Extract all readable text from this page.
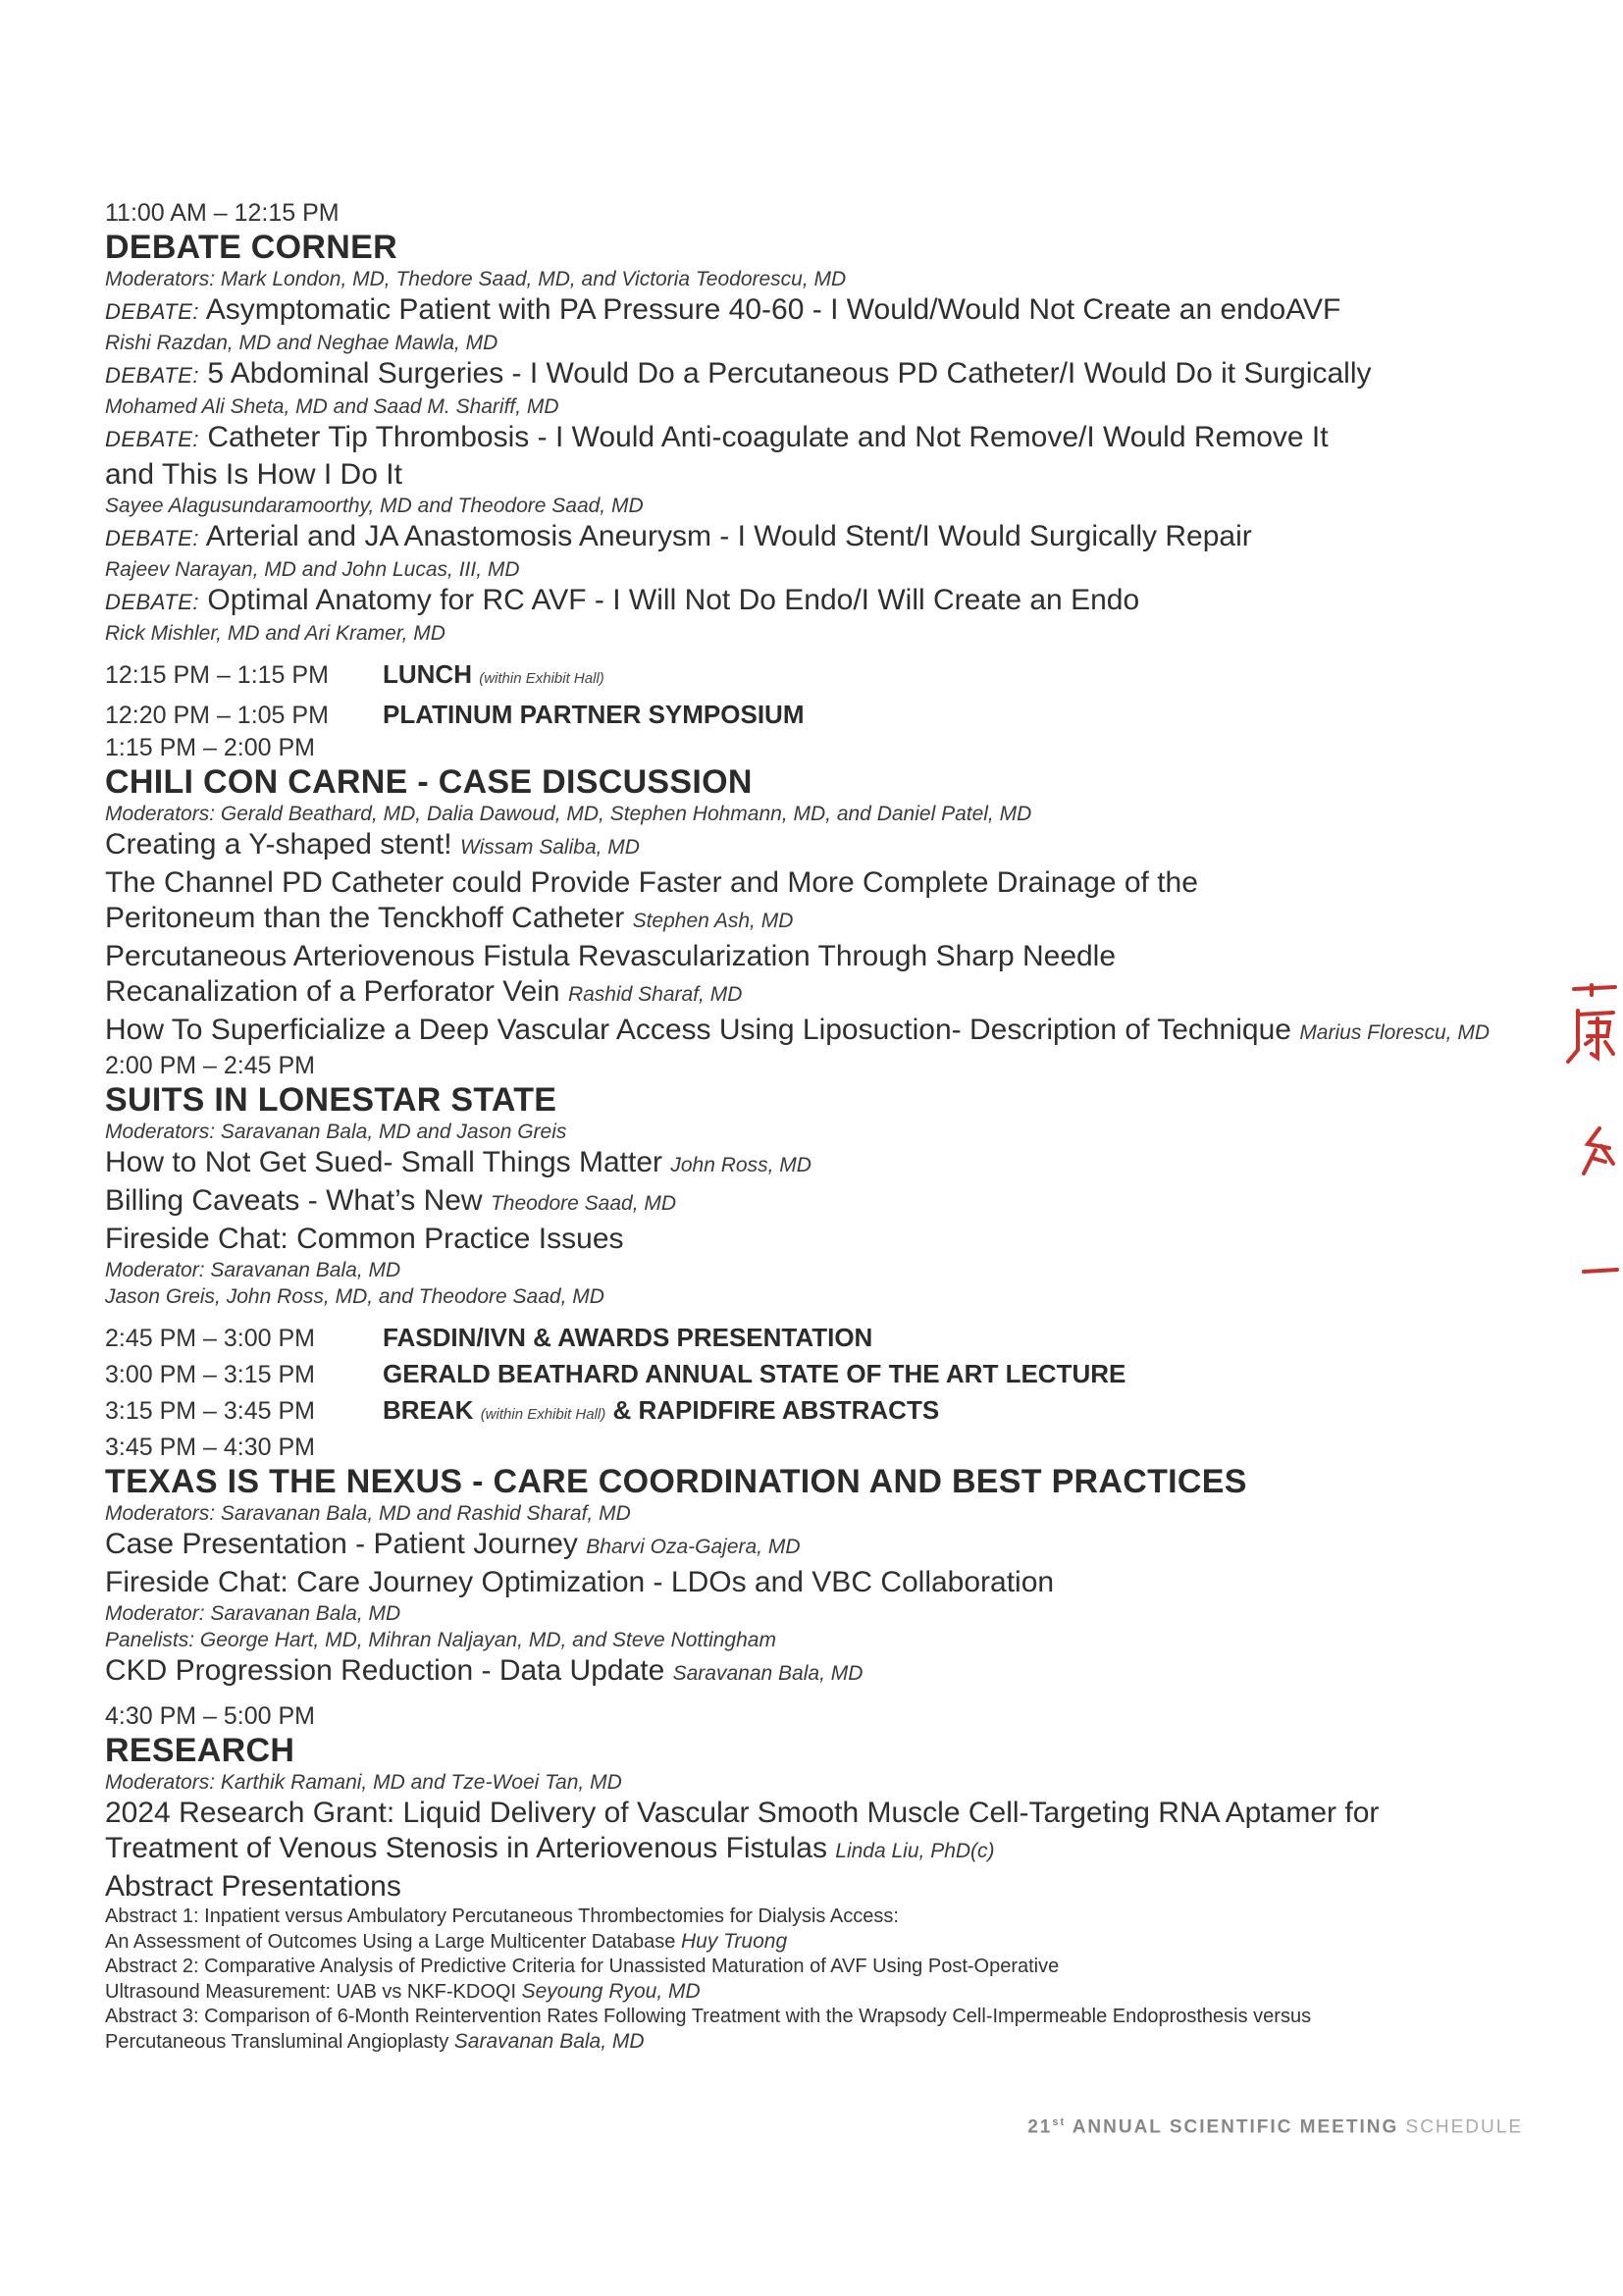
11:00 AM – 12:15 PM
DEBATE CORNER
Moderators: Mark London, MD, Thedore Saad, MD, and Victoria Teodorescu, MD
DEBATE: Asymptomatic Patient with PA Pressure 40-60 - I Would/Would Not Create an endoAVF
Rishi Razdan, MD and Neghae Mawla, MD
DEBATE: 5 Abdominal Surgeries - I Would Do a Percutaneous PD Catheter/I Would Do it Surgically
Mohamed Ali Sheta, MD and Saad M. Shariff, MD
DEBATE: Catheter Tip Thrombosis - I Would Anti-coagulate and Not Remove/I Would Remove It
and This Is How I Do It
Sayee Alagusundaramoorthy, MD and Theodore Saad, MD
DEBATE: Arterial and JA Anastomosis Aneurysm - I Would Stent/I Would Surgically Repair
Rajeev Narayan, MD and John Lucas, III, MD
DEBATE: Optimal Anatomy for RC AVF - I Will Not Do Endo/I Will Create an Endo
Rick Mishler, MD and Ari Kramer, MD
12:15 PM – 1:15 PM	LUNCH (within Exhibit Hall)
12:20 PM – 1:05 PM	PLATINUM PARTNER SYMPOSIUM
1:15 PM – 2:00 PM
CHILI CON CARNE - CASE DISCUSSION
Moderators: Gerald Beathard, MD, Dalia Dawoud, MD, Stephen Hohmann, MD, and Daniel Patel, MD
Creating a Y-shaped stent! Wissam Saliba, MD
The Channel PD Catheter could Provide Faster and More Complete Drainage of the
Peritoneum than the Tenckhoff Catheter Stephen Ash, MD
Percutaneous Arteriovenous Fistula Revascularization Through Sharp Needle
Recanalization of a Perforator Vein Rashid Sharaf, MD
How To Superficialize a Deep Vascular Access Using Liposuction- Description of Technique Marius Florescu, MD
2:00 PM – 2:45 PM
SUITS IN LONESTAR STATE
Moderators: Saravanan Bala, MD and Jason Greis
How to Not Get Sued- Small Things Matter John Ross, MD
Billing Caveats - What’s New Theodore Saad, MD
Fireside Chat: Common Practice Issues
Moderator: Saravanan Bala, MD
Jason Greis, John Ross, MD, and Theodore Saad, MD
2:45 PM – 3:00 PM	FASDIN/IVN & AWARDS PRESENTATION
3:00 PM – 3:15 PM	GERALD BEATHARD ANNUAL STATE OF THE ART LECTURE
3:15 PM – 3:45 PM	BREAK (within Exhibit Hall) & RAPIDFIRE ABSTRACTS
3:45 PM – 4:30 PM
TEXAS IS THE NEXUS - CARE COORDINATION AND BEST PRACTICES
Moderators: Saravanan Bala, MD and Rashid Sharaf, MD
Case Presentation - Patient Journey Bharvi Oza-Gajera, MD
Fireside Chat: Care Journey Optimization - LDOs and VBC Collaboration
Moderator: Saravanan Bala, MD
Panelists: George Hart, MD, Mihran Naljayan, MD, and Steve Nottingham
CKD Progression Reduction - Data Update Saravanan Bala, MD
4:30 PM – 5:00 PM
RESEARCH
Moderators: Karthik Ramani, MD and Tze-Woei Tan, MD
2024 Research Grant: Liquid Delivery of Vascular Smooth Muscle Cell-Targeting RNA Aptamer for
Treatment of Venous Stenosis in Arteriovenous Fistulas Linda Liu, PhD(c)
Abstract Presentations
Abstract 1: Inpatient versus Ambulatory Percutaneous Thrombectomies for Dialysis Access:
An Assessment of Outcomes Using a Large Multicenter Database Huy Truong
Abstract 2: Comparative Analysis of Predictive Criteria for Unassisted Maturation of AVF Using Post-Operative
Ultrasound Measurement: UAB vs NKF-KDOQI Seyoung Ryou, MD
Abstract 3: Comparison of 6-Month Reintervention Rates Following Treatment with the Wrapsody Cell-Impermeable Endoprosthesis versus
Percutaneous Transluminal Angioplasty Saravanan Bala, MD
21st ANNUAL SCIENTIFIC MEETING SCHEDULE
